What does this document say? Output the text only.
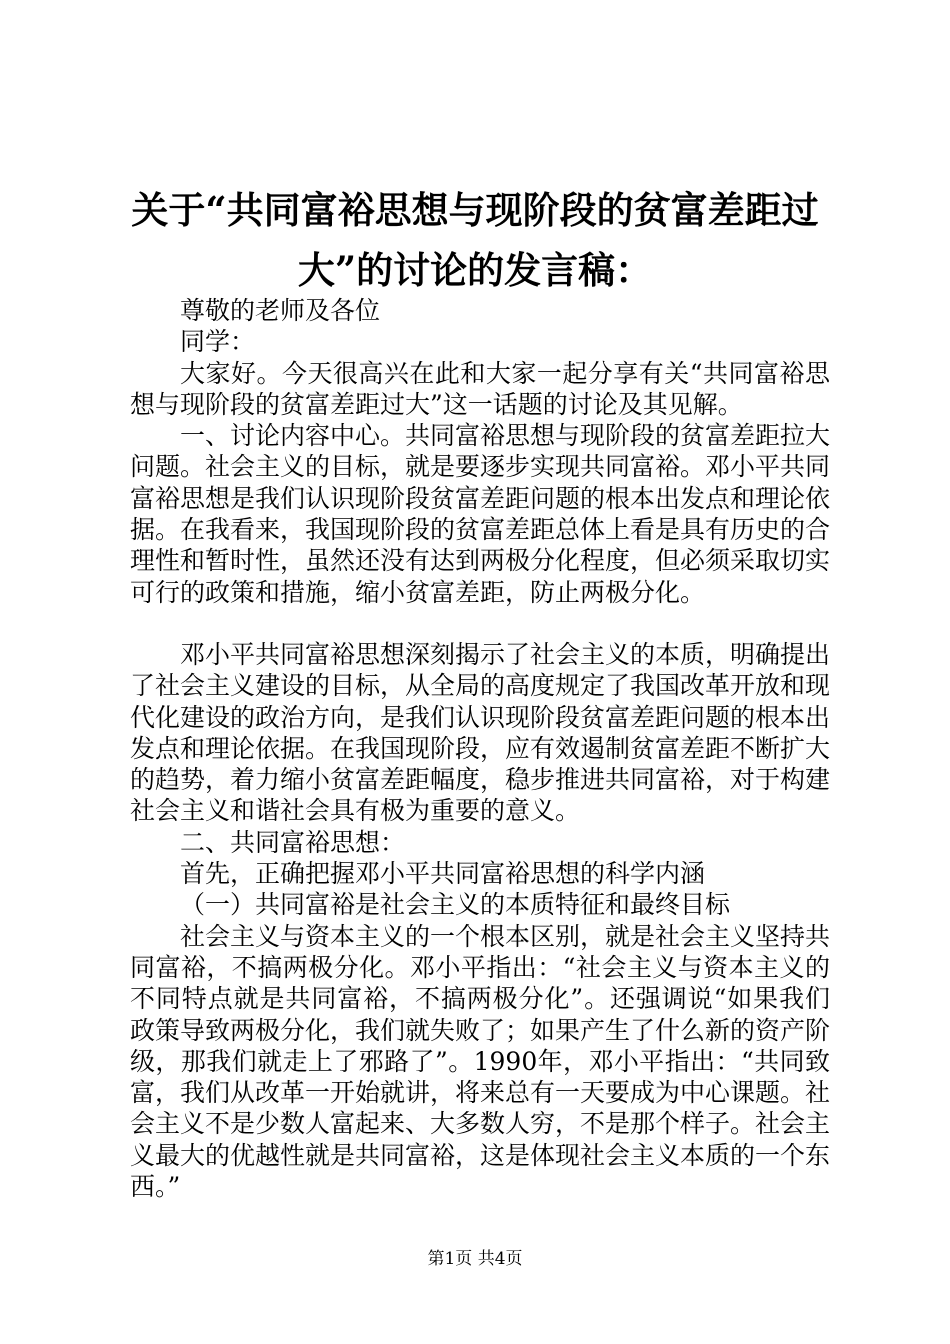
关于“共同富裕思想与现阶段的贫富差距过
大”的讨论的发言稿：

尊敬的老师及各位

同学：

大家好。今天很高兴在此和大家一起分享有关“共同富裕思想与现阶段的贫富差距过大”这一话题的讨论及其见解。

一、讨论内容中心。共同富裕思想与现阶段的贫富差距拉大问题。社会主义的目标，就是要逐步实现共同富裕。邓小平共同富裕思想是我们认识现阶段贫富差距问题的根本出发点和理论依据。在我看来，我国现阶段的贫富差距总体上看是具有历史的合理性和暂时性，虽然还没有达到两极分化程度，但必须采取切实可行的政策和措施，缩小贫富差距，防止两极分化。

邓小平共同富裕思想深刻揭示了社会主义的本质，明确提出了社会主义建设的目标，从全局的高度规定了我国改革开放和现代化建设的政治方向，是我们认识现阶段贫富差距问题的根本出发点和理论依据。在我国现阶段，应有效遏制贫富差距不断扩大的趋势，着力缩小贫富差距幅度，稳步推进共同富裕，对于构建社会主义和谐社会具有极为重要的意义。

二、共同富裕思想：

首先，正确把握邓小平共同富裕思想的科学内涵

（一）共同富裕是社会主义的本质特征和最终目标

社会主义与资本主义的一个根本区别，就是社会主义坚持共同富裕，不搞两极分化。邓小平指出：“社会主义与资本主义的不同特点就是共同富裕，不搞两极分化”。还强调说“如果我们政策导致两极分化，我们就失败了；如果产生了什么新的资产阶级，那我们就走上了邪路了”。1990年，邓小平指出：“共同致富，我们从改革一开始就讲，将来总有一天要成为中心课题。社会主义不是少数人富起来、大多数人穷，不是那个样子。社会主义最大的优越性就是共同富裕，这是体现社会主义本质的一个东西。”

第1页 共4页
